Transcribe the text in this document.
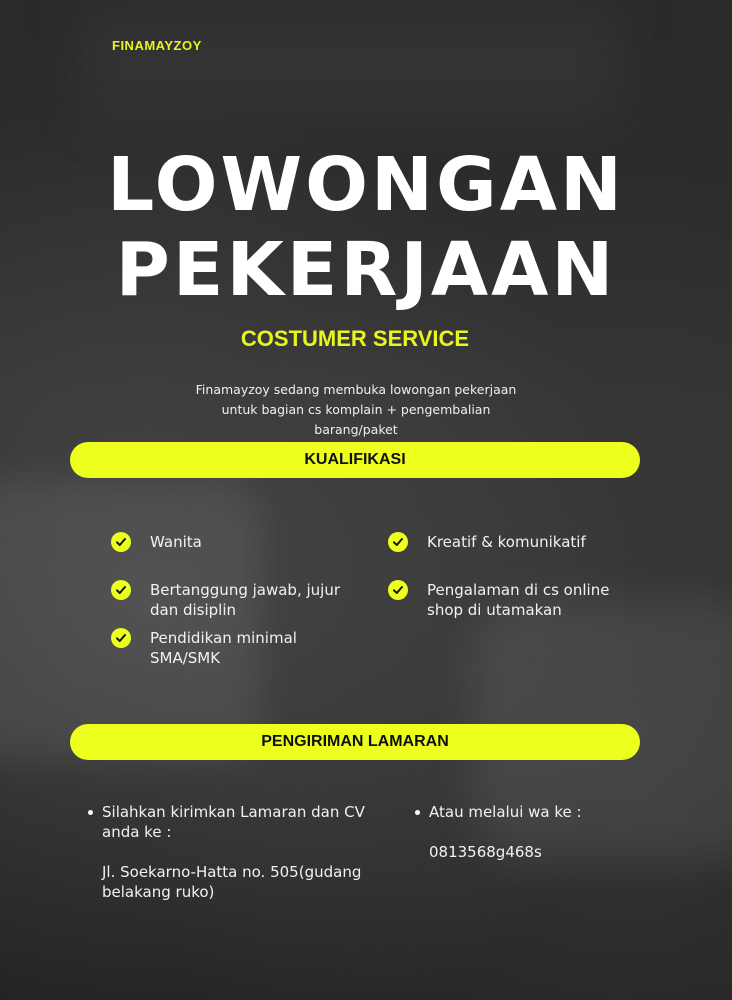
FINAMAYZOY
LOWONGAN
PEKERJAAN
COSTUMER SERVICE
Finamayzoy sedang membuka lowongan pekerjaan
untuk bagian cs komplain + pengembalian
barang/paket
KUALIFIKASI
Wanita
Bertanggung jawab, jujur
dan disiplin
Pendidikan minimal
SMA/SMK
Kreatif & komunikatif
Pengalaman di cs online
shop di utamakan
PENGIRIMAN LAMARAN
Silahkan kirimkan Lamaran dan CV
anda ke :
Jl. Soekarno-Hatta no. 505(gudang
belakang ruko)
Atau melalui wa ke :
0813568g468s
